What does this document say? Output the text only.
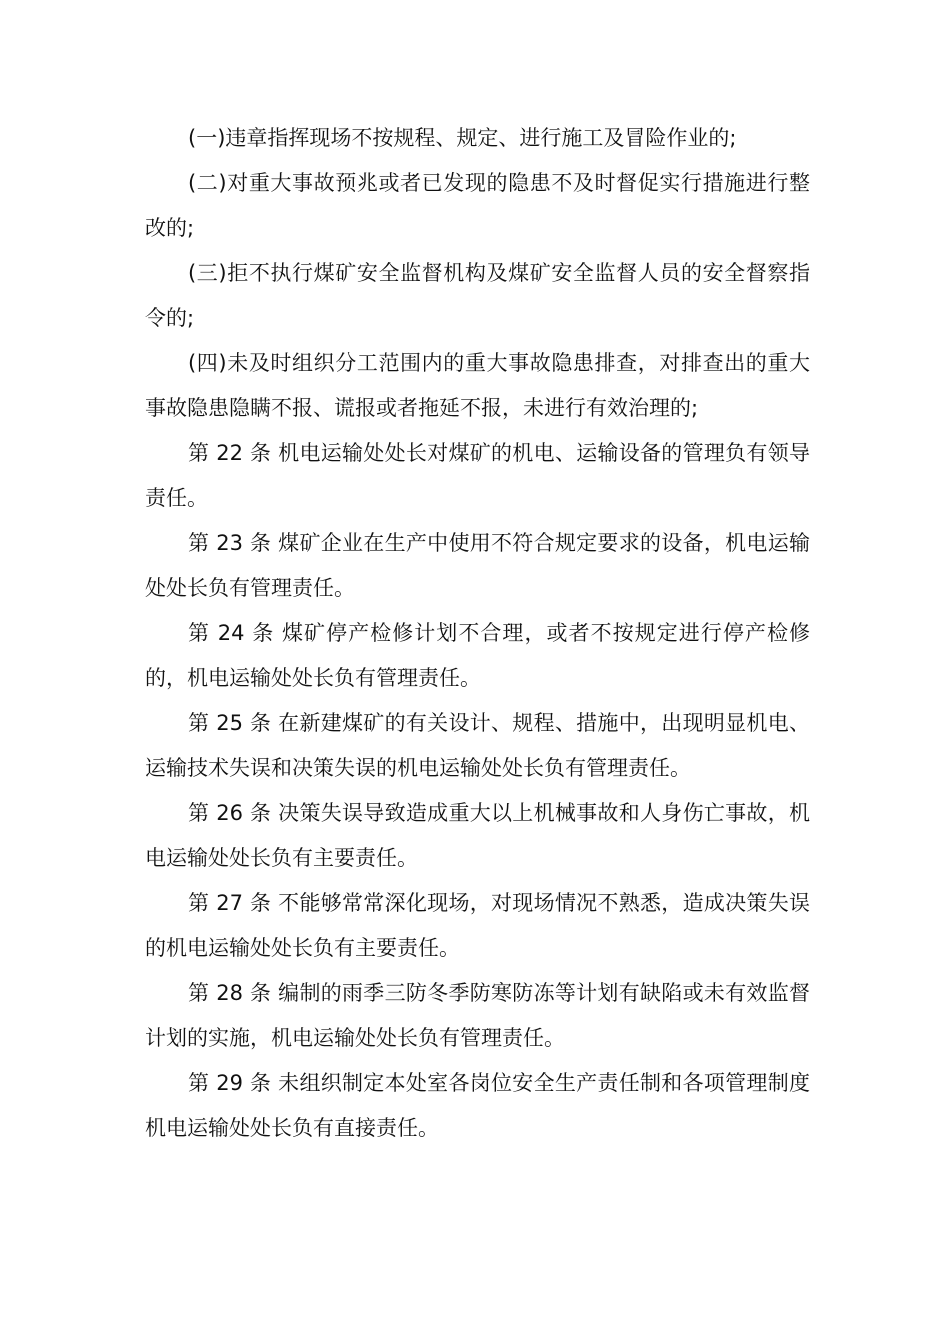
(一)违章指挥现场不按规程、规定、进行施工及冒险作业的;

(二)对重大事故预兆或者已发现的隐患不及时督促实行措施进行整改的;

(三)拒不执行煤矿安全监督机构及煤矿安全监督人员的安全督察指令的;

(四)未及时组织分工范围内的重大事故隐患排查，对排查出的重大事故隐患隐瞒不报、谎报或者拖延不报，未进行有效治理的;

第 22 条 机电运输处处长对煤矿的机电、运输设备的管理负有领导责任。

第 23 条 煤矿企业在生产中使用不符合规定要求的设备，机电运输处处长负有管理责任。

第 24 条 煤矿停产检修计划不合理，或者不按规定进行停产检修的，机电运输处处长负有管理责任。

第 25 条 在新建煤矿的有关设计、规程、措施中，出现明显机电、运输技术失误和决策失误的机电运输处处长负有管理责任。

第 26 条 决策失误导致造成重大以上机械事故和人身伤亡事故，机电运输处处长负有主要责任。

第 27 条 不能够常常深化现场，对现场情况不熟悉，造成决策失误的机电运输处处长负有主要责任。

第 28 条 编制的雨季三防冬季防寒防冻等计划有缺陷或未有效监督计划的实施，机电运输处处长负有管理责任。

第 29 条 未组织制定本处室各岗位安全生产责任制和各项管理制度机电运输处处长负有直接责任。
